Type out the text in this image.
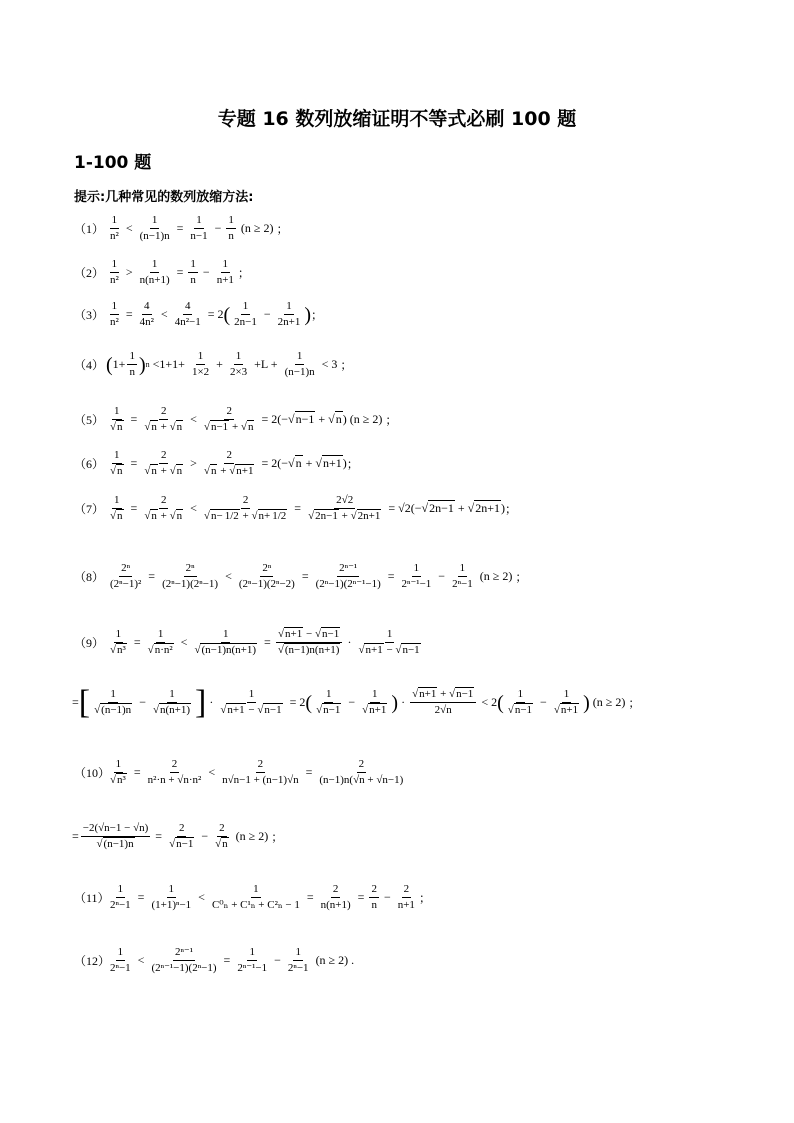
专题 16 数列放缩证明不等式必刷 100 题
1-100 题
提示:几种常见的数列放缩方法:
$(1) \frac{1}{\text{n²}} < \frac{1}{(n-1)n} = \frac{1}{n-1} - \frac{1}{n} (n \ge 2)$ ；
$(2) \frac{1}{\text{n²}} > \frac{1}{n(n+1)} = \frac{1}{n} - \frac{1}{n+1}$ ；
$(3) \frac{1}{\text{n²}} = \frac{4}{\text{4n²}} < \frac{4}{\text{4n²−1}} = 2$ ( $\frac{1}{2n-1} - \frac{1}{2n+1}$ ) ；
（4） ( $1+ \frac{1}{n}$ ) $n <1+1+ \frac{1}{1\times 2} + \frac{1}{2\times 3} +L + \frac{1}{(n-1)n} < 3$ ；
（5） 1
√ n = 2
√ n + √ n < 2
√ n−1 + √ n = 2(− √ n−1 + √ n ) (n ≥ 2) ；
（6） 1
√ n = 2
√ n + √ n > 2
√ n + √ n+1 = 2(− √ n + √ n+1 ) ；
（7） 1
√ n = 2
√ n + √ n < 2
√ n− 1/2 + √ n+ 1/2 = 2√2
√ 2n−1 + √ 2n+1 = √2(− √ 2n−1 + √ 2n+1 ) ；
$(8) \frac{\text{2ⁿ}}{\text{(2ⁿ−1)²}} = \frac{\text{2ⁿ}}{\text{(2ⁿ−1)(2ⁿ−1)}} < \frac{\text{2ⁿ}}{\text{(2ⁿ−1)(2ⁿ−2)}} = \frac{\text{2ⁿ⁻¹}}{\text{(2ⁿ−1)(2ⁿ⁻¹−1)}} = \frac{1}{\text{2ⁿ⁻¹−1}} - \frac{1}{\text{2ⁿ−1}} (n \ge 2)$ ；
（9） 1
√ n³ = 1
√ n·n² < 1
√ (n−1)n(n+1) = √ n+1 − √ n−1
√ (n−1)n(n+1) · 1
√ n+1 − √ n−1
= [ 1
√ (n−1)n − 1
√ n(n+1) ] · 1
√ n+1 − √ n−1 = 2 ( 1
√ n−1 − 1
√ n+1 ) · √ $\frac{n+1 + √ n-1}{2√n} < 2$ ( 1
√ n−1 − 1
√ n+1 ) (n ≥ 2) ；
（10）
1
√ $n^3 = \frac{2}{\text{n²·n + √n·n²}} < \frac{2}{n√n-1 + (n-1)√n} = \frac{2}{(n-1)n(√n + √n-1)}$
= −2(√n−1 − √n)
√ (n−1)n = 2
√ n−1 − 2
√ n (n ≥ 2) ；
（11）
$\frac{1}{\text{2ⁿ−1}} = \frac{1}{\text{(1+1)ⁿ−1}} < \frac{1}{\text{C⁰ₙ + C¹ₙ + C²ₙ − 1}} = \frac{2}{n(n+1)} = \frac{2}{n} - \frac{2}{n+1}$ ；
（12）
$\frac{1}{\text{2ⁿ−1}} < \frac{\text{2ⁿ⁻¹}}{\text{(2ⁿ⁻¹−1)(2ⁿ−1)}} = \frac{1}{\text{2ⁿ⁻¹−1}} - \frac{1}{\text{2ⁿ−1}} (n \ge 2)$ .
